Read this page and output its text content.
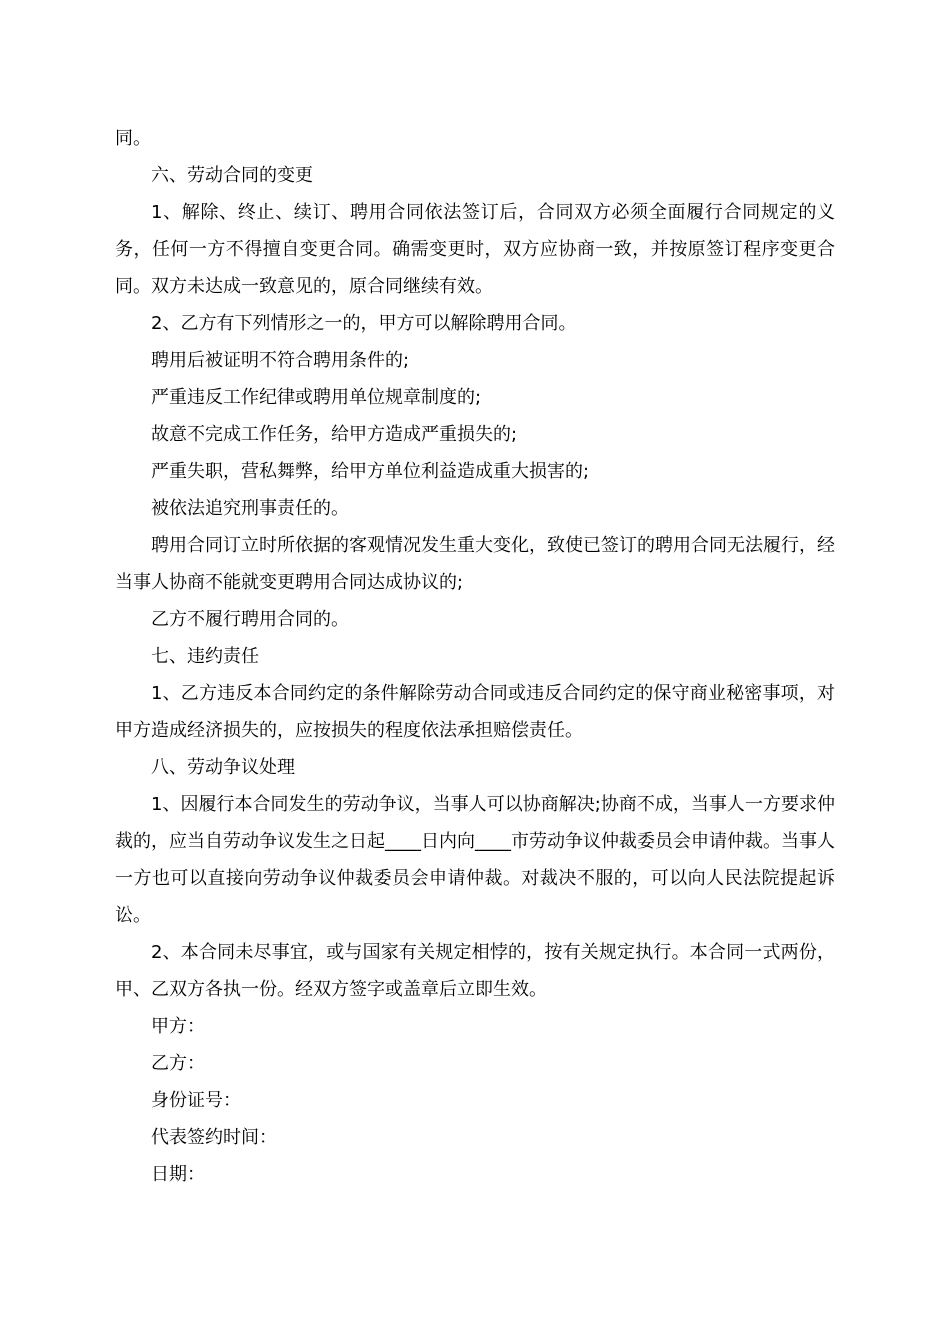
同。

六、劳动合同的变更

1、解除、终止、续订、聘用合同依法签订后，合同双方必须全面履行合同规定的义务，任何一方不得擅自变更合同。确需变更时，双方应协商一致，并按原签订程序变更合同。双方未达成一致意见的，原合同继续有效。

2、乙方有下列情形之一的，甲方可以解除聘用合同。

聘用后被证明不符合聘用条件的;

严重违反工作纪律或聘用单位规章制度的;

故意不完成工作任务，给甲方造成严重损失的;

严重失职，营私舞弊，给甲方单位利益造成重大损害的;

被依法追究刑事责任的。

聘用合同订立时所依据的客观情况发生重大变化，致使已签订的聘用合同无法履行，经当事人协商不能就变更聘用合同达成协议的;

乙方不履行聘用合同的。

七、违约责任

1、乙方违反本合同约定的条件解除劳动合同或违反合同约定的保守商业秘密事项，对甲方造成经济损失的，应按损失的程度依法承担赔偿责任。

八、劳动争议处理

1、因履行本合同发生的劳动争议，当事人可以协商解决;协商不成，当事人一方要求仲裁的，应当自劳动争议发生之日起____日内向____市劳动争议仲裁委员会申请仲裁。当事人一方也可以直接向劳动争议仲裁委员会申请仲裁。对裁决不服的，可以向人民法院提起诉讼。

2、本合同未尽事宜，或与国家有关规定相悖的，按有关规定执行。本合同一式两份，甲、乙双方各执一份。经双方签字或盖章后立即生效。

甲方：

乙方：

身份证号：

代表签约时间：

日期：
